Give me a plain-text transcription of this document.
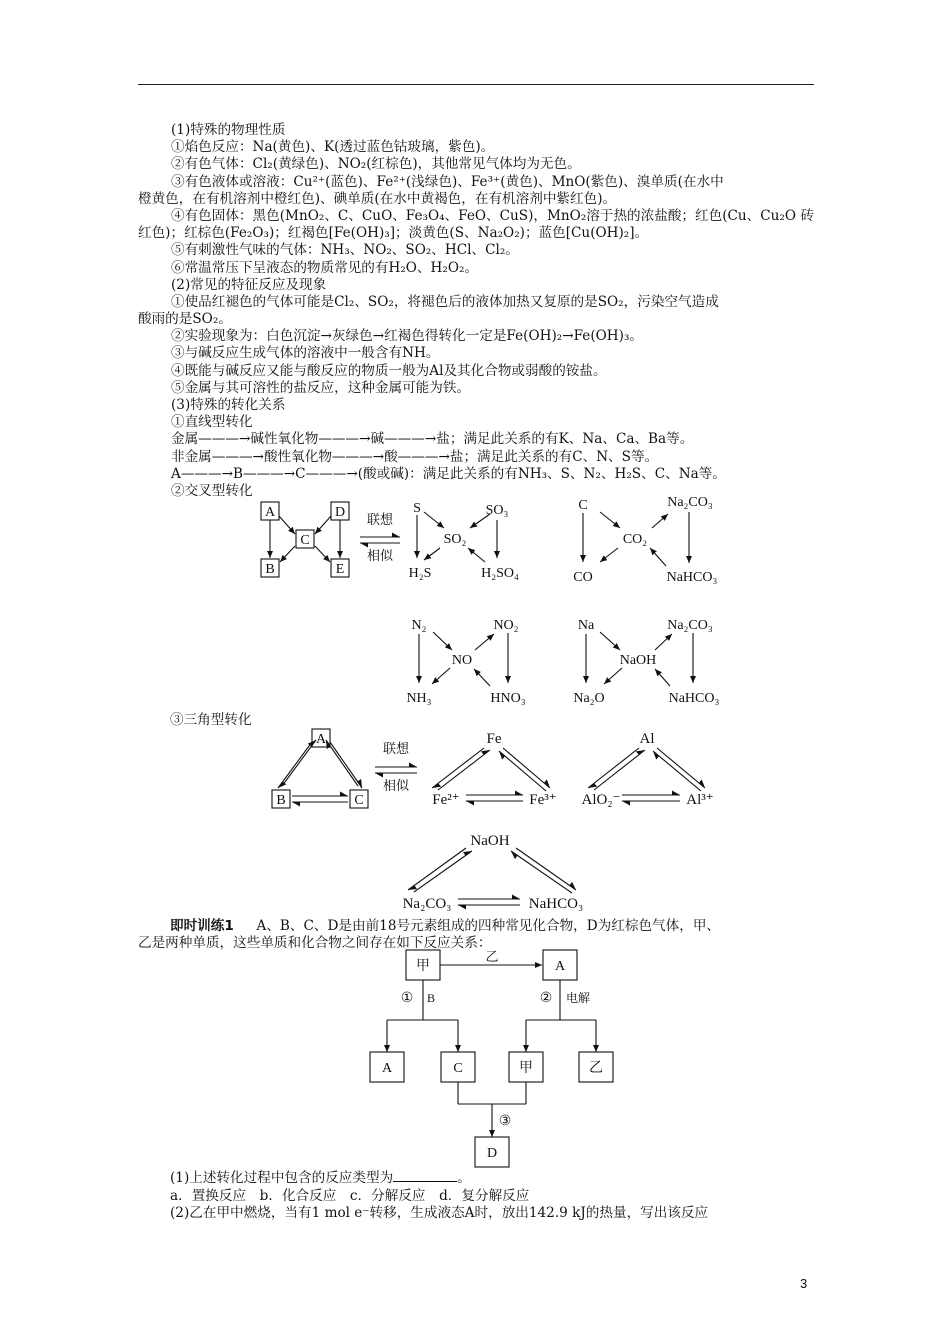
(1)特殊的物理性质
①焰色反应：Na(黄色)、K(透过蓝色钴玻璃，紫色)。
②有色气体：Cl₂(黄绿色)、NO₂(红棕色)，其他常见气体均为无色。
③有色液体或溶液：Cu²⁺(蓝色)、Fe²⁺(浅绿色)、Fe³⁺(黄色)、MnO(紫色)、溴单质(在水中
橙黄色，在有机溶剂中橙红色)、碘单质(在水中黄褐色，在有机溶剂中紫红色)。
④有色固体：黑色(MnO₂、C、CuO、Fe₃O₄、FeO、CuS)，MnO₂溶于热的浓盐酸；红色(Cu、Cu₂O 砖
红色)；红棕色(Fe₂O₃)；红褐色[Fe(OH)₃]；淡黄色(S、Na₂O₂)；蓝色[Cu(OH)₂]。
⑤有刺激性气味的气体：NH₃、NO₂、SO₂、HCl、Cl₂。
⑥常温常压下呈液态的物质常见的有H₂O、H₂O₂。
(2)常见的特征反应及现象
①使品红褪色的气体可能是Cl₂、SO₂，将褪色后的液体加热又复原的是SO₂，污染空气造成
酸雨的是SO₂。
②实验现象为：白色沉淀→灰绿色→红褐色得转化一定是Fe(OH)₂→Fe(OH)₃。
③与碱反应生成气体的溶液中一般含有NH。
④既能与碱反应又能与酸反应的物质一般为Al及其化合物或弱酸的铵盐。
⑤金属与其可溶性的盐反应，这种金属可能为铁。
(3)特殊的转化关系
①直线型转化
金属———→碱性氧化物———→碱———→盐；满足此关系的有K、Na、Ca、Ba等。
非金属———→酸性氧化物———→酸———→盐；满足此关系的有C、N、S等。
A———→B———→C———→(酸或碱)：满足此关系的有NH₃、S、N₂、H₂S、C、Na等。
②交叉型转化
③三角型转化
即时训练1 A、B、C、D是由前18号元素组成的四种常见化合物，D为红棕色气体，甲、
乙是两种单质，这些单质和化合物之间存在如下反应关系：
(1)上述转化过程中包含的反应类型为	。
a．置换反应　b．化合反应　c．分解反应　d．复分解反应
(2)乙在甲中燃烧，当有1 mol e⁻转移，生成液态A时，放出142.9 kJ的热量，写出该反应
3
A
B
C
D
E
联想
相似
S	SO₃
SO₂
H₂S	H₂SO₄
C
CO₂
CO
Na₂CO₃
NaHCO₃
N₂	NO₂
NO
NH₃	HNO₃
Na	Na₂CO₃
NaOH
Na₂O	NaHCO₃
A
B	C
联想
相似
Fe
Fe²⁺	Fe³⁺
Al
AlO₂⁻	Al³⁺
NaOH
Na₂CO₃	NaHCO₃
甲	A
乙
① B	② 电解
A	C	甲	乙
③
D
